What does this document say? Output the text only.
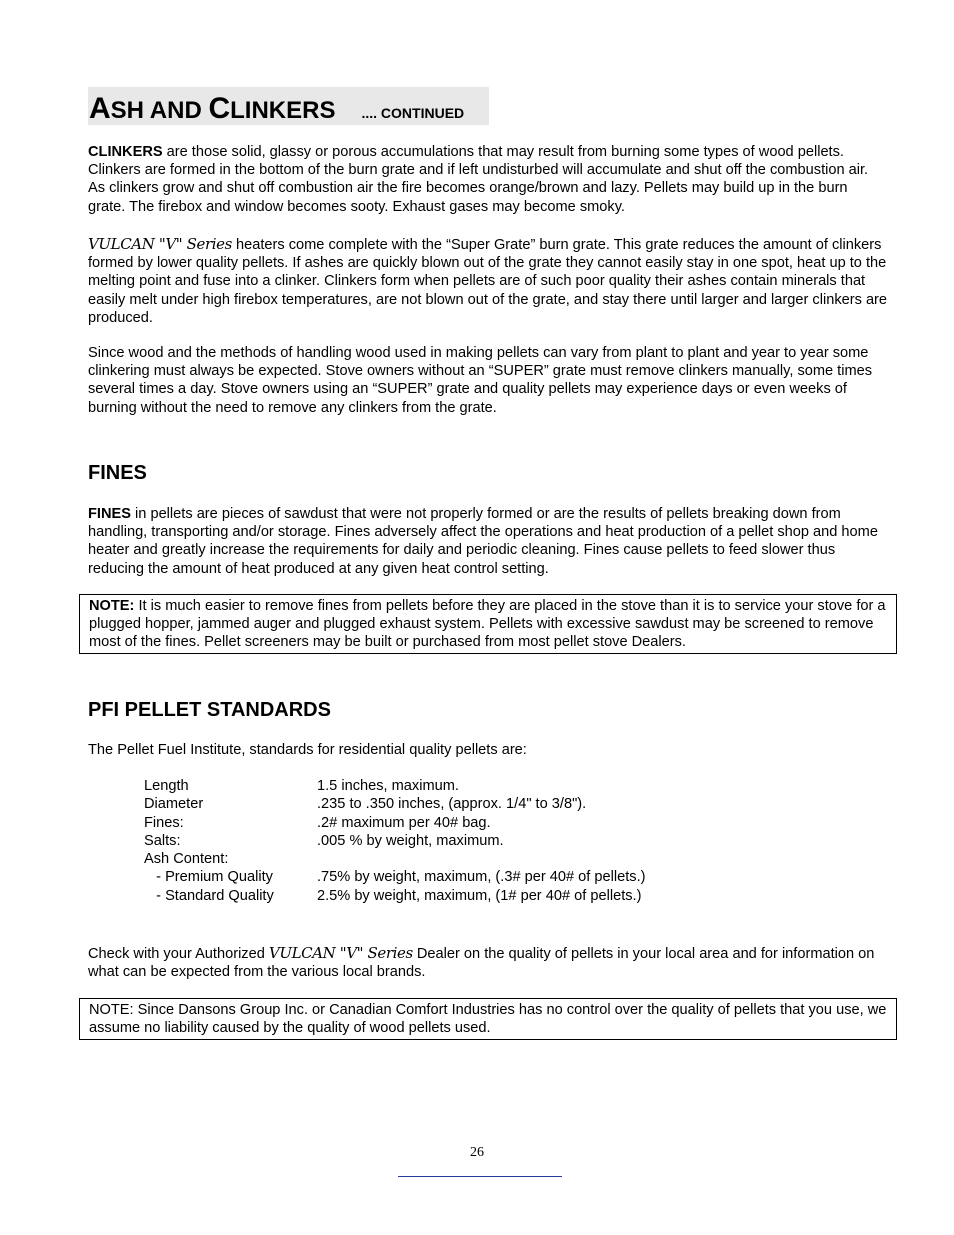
ASH AND CLINKERS .... CONTINUED

CLINKERS are those solid, glassy or porous accumulations that may result from burning some types of wood pellets. Clinkers are formed in the bottom of the burn grate and if left undisturbed will accumulate and shut off the combustion air. As clinkers grow and shut off combustion air the fire becomes orange/brown and lazy. Pellets may build up in the burn grate. The firebox and window becomes sooty. Exhaust gases may become smoky.

VULCAN "V" Series heaters come complete with the “Super Grate” burn grate. This grate reduces the amount of clinkers formed by lower quality pellets. If ashes are quickly blown out of the grate they cannot easily stay in one spot, heat up to the melting point and fuse into a clinker. Clinkers form when pellets are of such poor quality their ashes contain minerals that easily melt under high firebox temperatures, are not blown out of the grate, and stay there until larger and larger clinkers are produced.

Since wood and the methods of handling wood used in making pellets can vary from plant to plant and year to year some clinkering must always be expected. Stove owners without an “SUPER” grate must remove clinkers manually, some times several times a day. Stove owners using an “SUPER” grate and quality pellets may experience days or even weeks of burning without the need to remove any clinkers from the grate.

FINES

FINES in pellets are pieces of sawdust that were not properly formed or are the results of pellets breaking down from handling, transporting and/or storage. Fines adversely affect the operations and heat production of a pellet shop and home heater and greatly increase the requirements for daily and periodic cleaning. Fines cause pellets to feed slower thus reducing the amount of heat produced at any given heat control setting.

NOTE: It is much easier to remove fines from pellets before they are placed in the stove than it is to service your stove for a plugged hopper, jammed auger and plugged exhaust system. Pellets with excessive sawdust may be screened to remove most of the fines. Pellet screeners may be built or purchased from most pellet stove Dealers.

PFI PELLET STANDARDS

The Pellet Fuel Institute, standards for residential quality pellets are:

Length	1.5 inches, maximum.
Diameter	.235 to .350 inches, (approx. 1/4" to 3/8").
Fines:	.2# maximum per 40# bag.
Salts:	.005 % by weight, maximum.
Ash Content:
- Premium Quality	.75% by weight, maximum, (.3# per 40# of pellets.)
- Standard Quality	2.5% by weight, maximum, (1# per 40# of pellets.)

Check with your Authorized VULCAN "V" Series Dealer on the quality of pellets in your local area and for information on what can be expected from the various local brands.

NOTE: Since Dansons Group Inc. or Canadian Comfort Industries has no control over the quality of pellets that you use, we assume no liability caused by the quality of wood pellets used.

26
